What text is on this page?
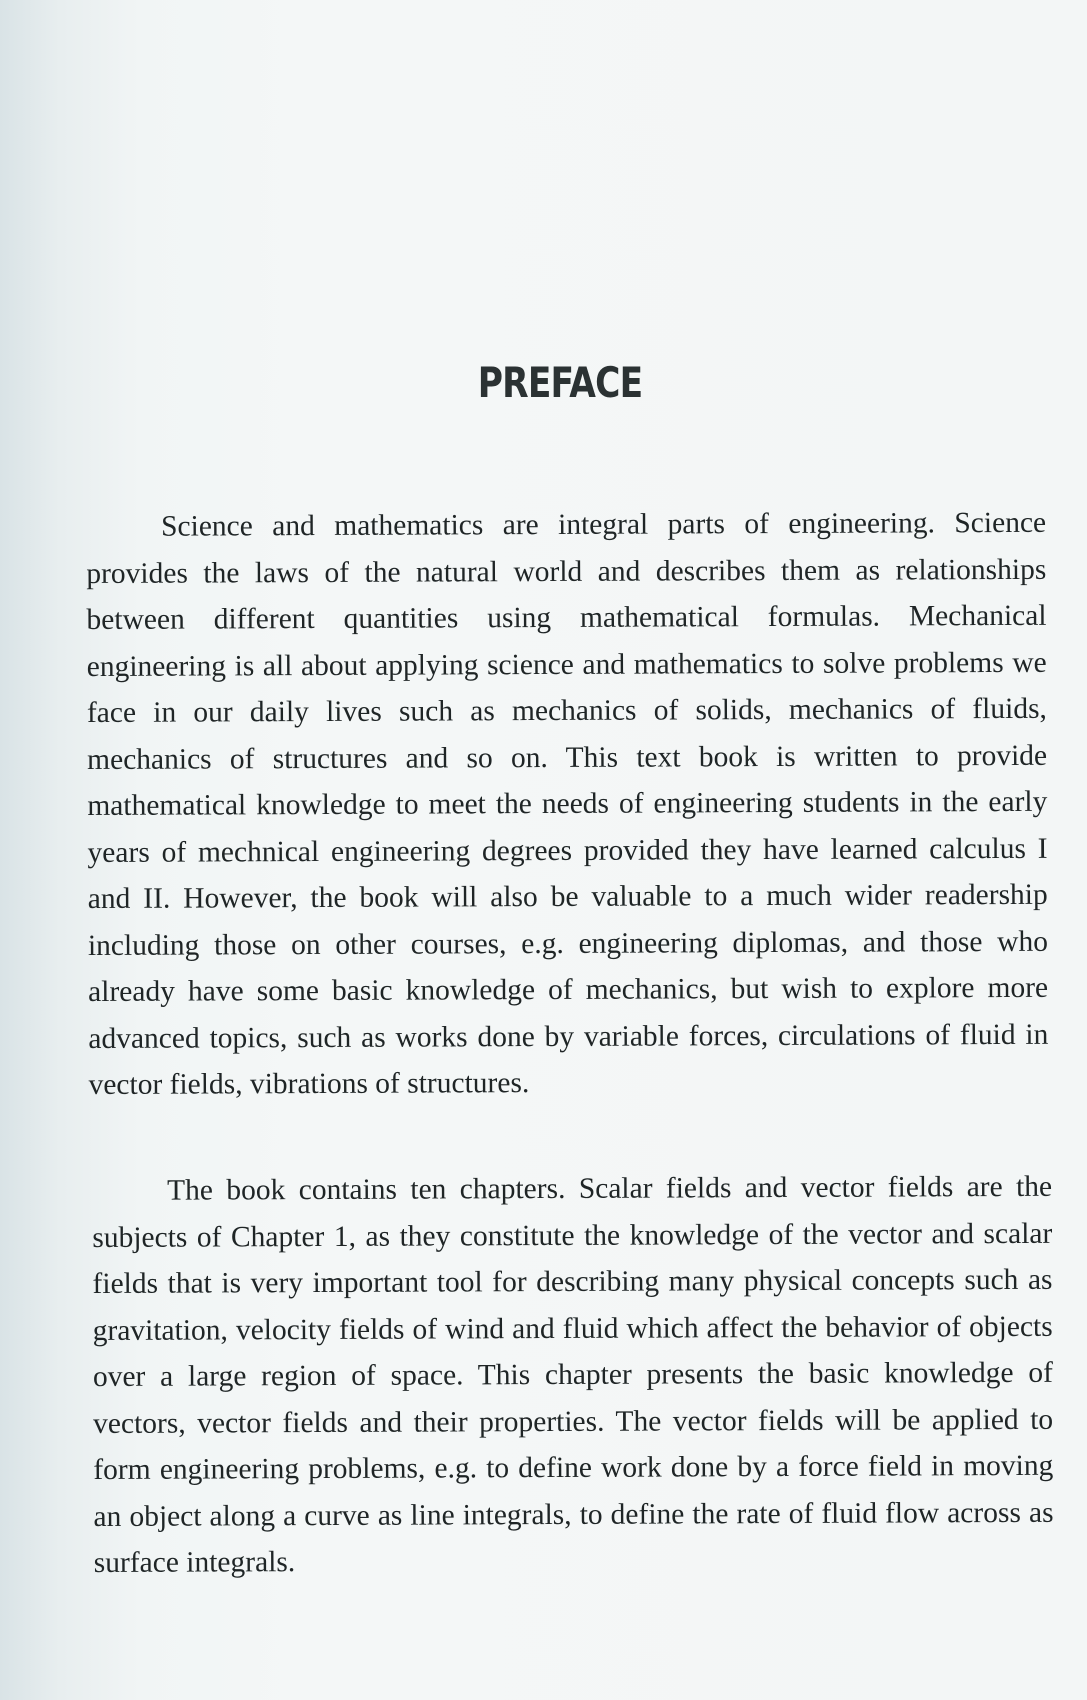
PREFACE

Science and mathematics are integral parts of engineering. Science provides the laws of the natural world and describes them as relationships between different quantities using mathematical formulas. Mechanical engineering is all about applying science and mathematics to solve problems we face in our daily lives such as mechanics of solids, mechanics of fluids, mechanics of structures and so on. This text book is written to provide mathematical knowledge to meet the needs of engineering students in the early years of mechnical engineering degrees provided they have learned calculus I and II. However, the book will also be valuable to a much wider readership including those on other courses, e.g. engineering diplomas, and those who already have some basic knowledge of mechanics, but wish to explore more advanced topics, such as works done by variable forces, circulations of fluid in vector fields, vibrations of structures.

The book contains ten chapters. Scalar fields and vector fields are the subjects of Chapter 1, as they constitute the knowledge of the vector and scalar fields that is very important tool for describing many physical concepts such as gravitation, velocity fields of wind and fluid which affect the behavior of objects over a large region of space. This chapter presents the basic knowledge of vectors, vector fields and their properties. The vector fields will be applied to form engineering problems, e.g. to define work done by a force field in moving an object along a curve as line integrals, to define the rate of fluid flow across as surface integrals.
